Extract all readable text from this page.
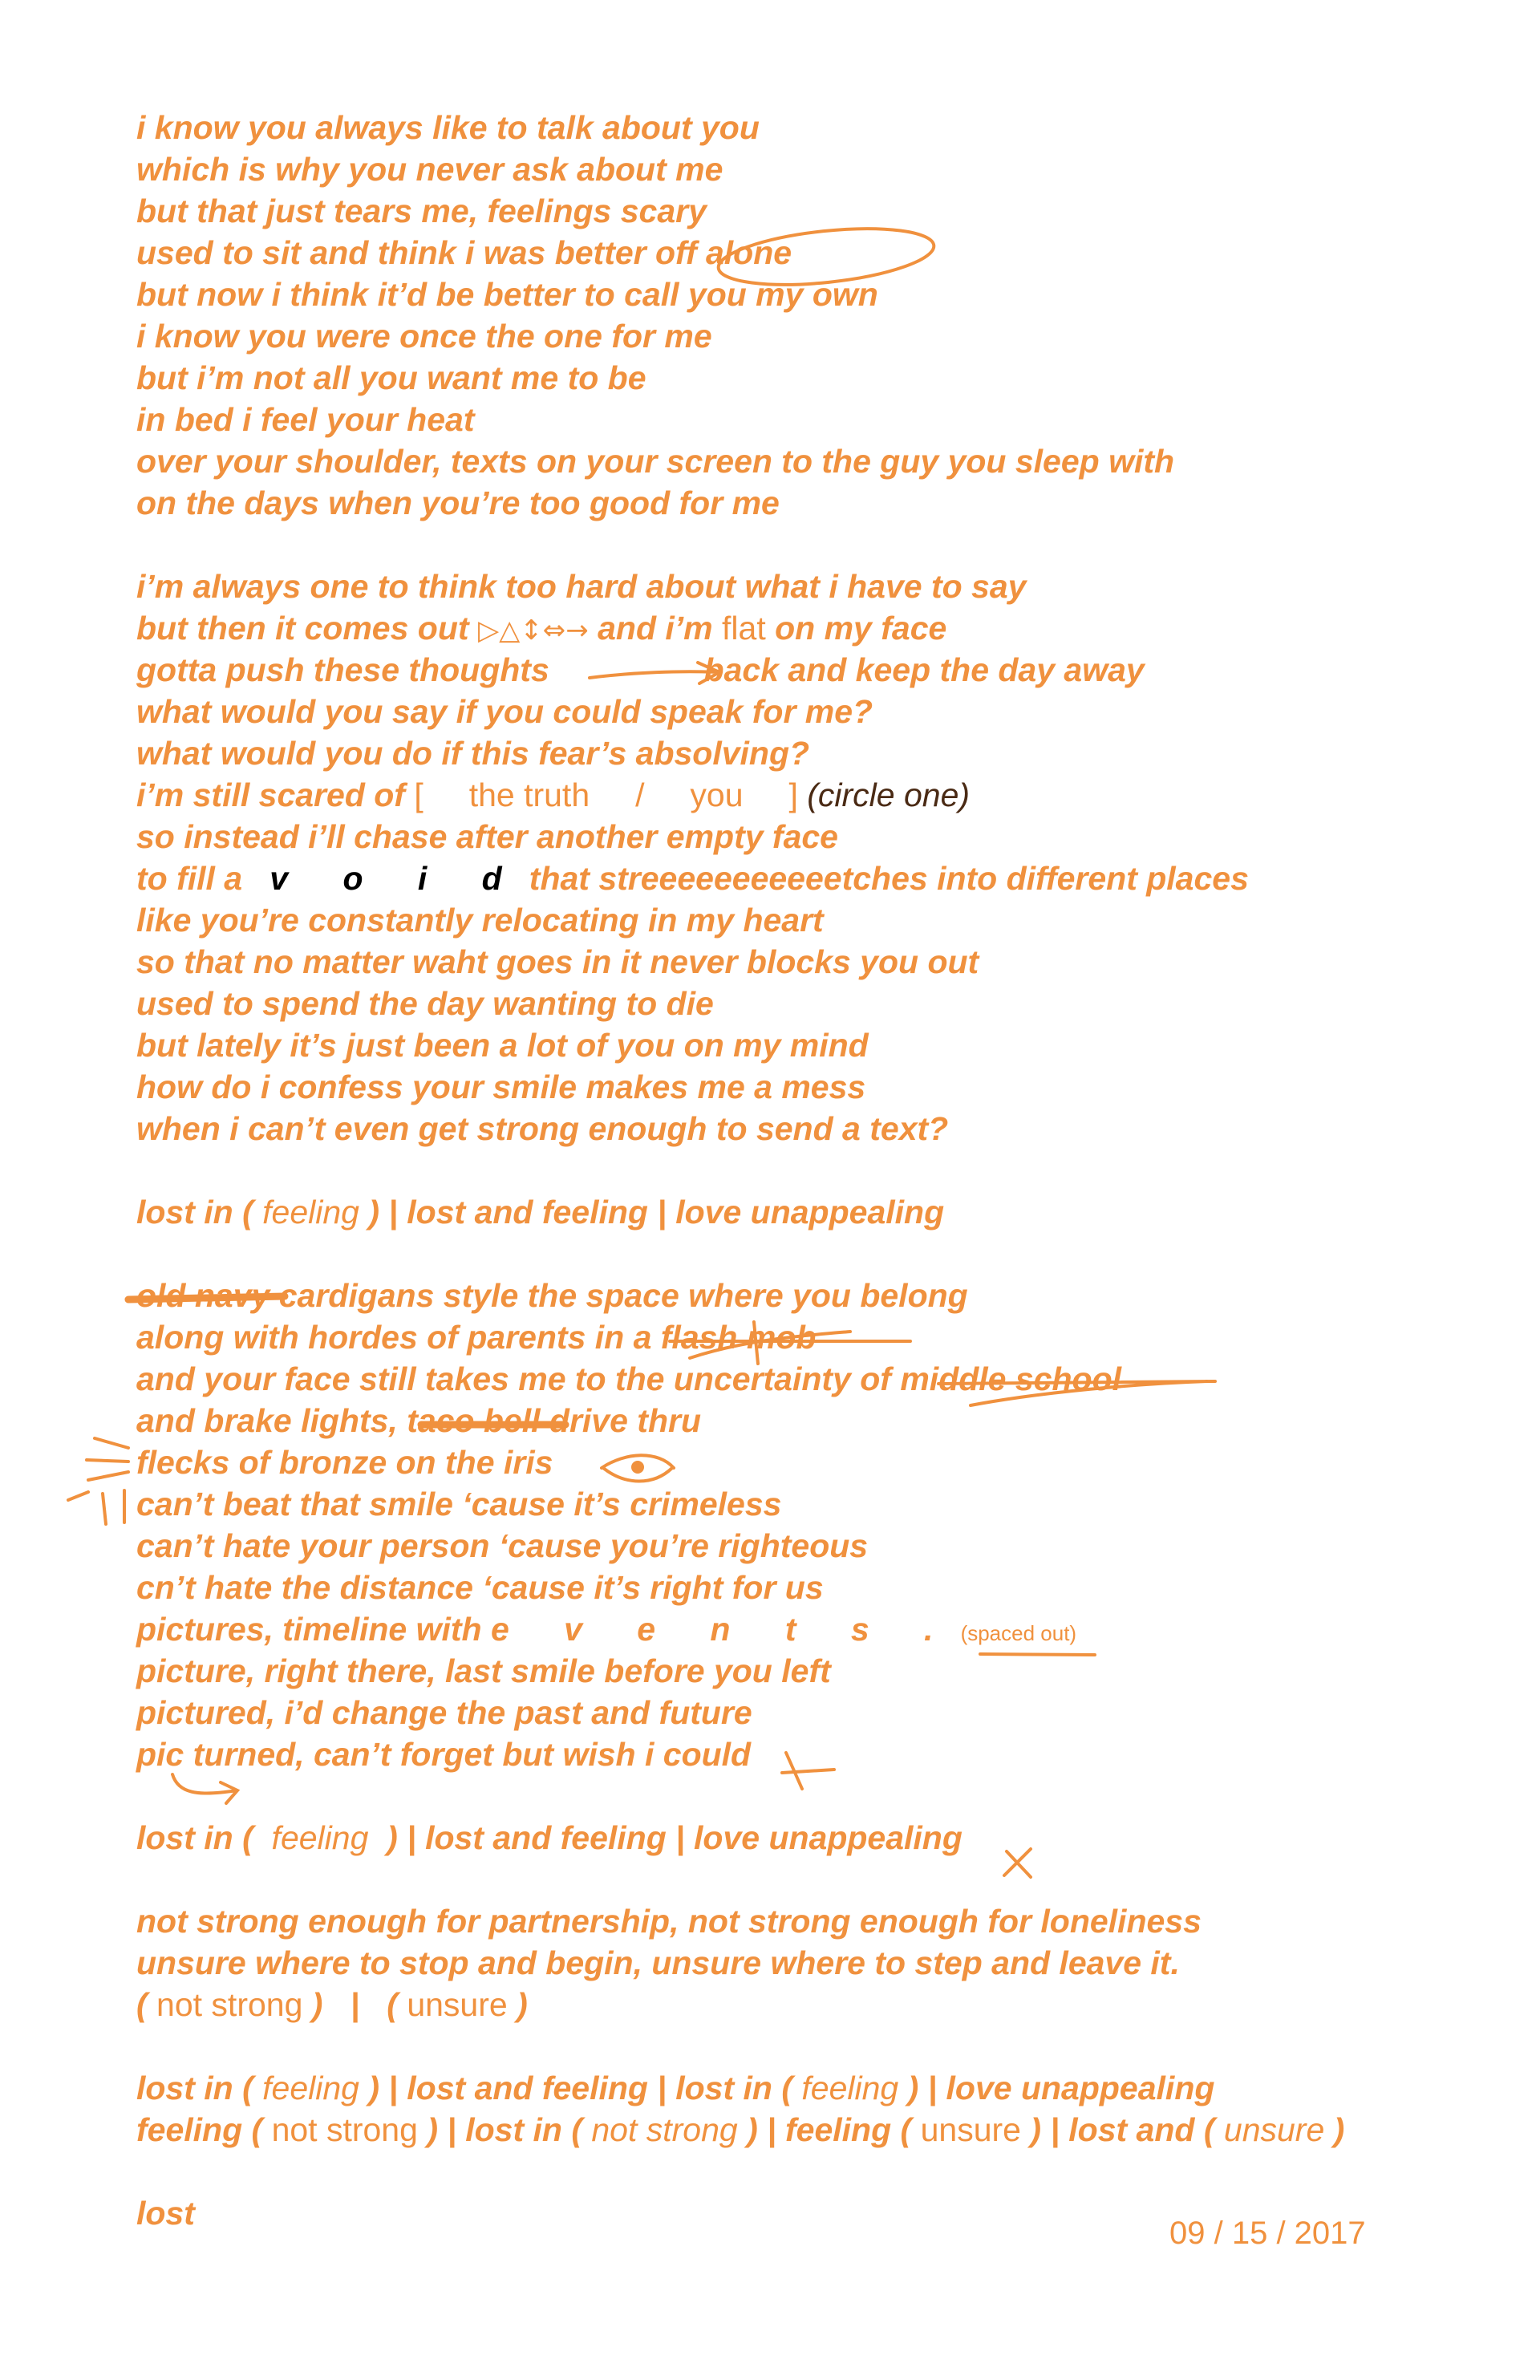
i know you always like to talk about you
which is why you never ask about me
but that just tears me, feelings scary
used to sit and think i was better off alone
but now i think it’d be better to call you my own
i know you were once the one for me
but i’m not all you want me to be
in bed i feel your heat
over your shoulder, texts on your screen to the guy you sleep with
on the days when you’re too good for me
i’m always one to think too hard about what i have to say
but then it comes out ▷△↕⇔→ and i’m flat on my face
gotta push these thoughts	back and keep the day away
what would you say if you could speak for me?
what would you do if this fear’s absolving?
i’m still scared of [     the truth     /     you     ] (circle one)
so instead i’ll chase after another empty face
to fill a   v      o      i      d   that streeeeeeeeeeetches into different places
like you’re constantly relocating in my heart
so that no matter waht goes in it never blocks you out
used to spend the day wanting to die
but lately it’s just been a lot of you on my mind
how do i confess your smile makes me a mess
when i can’t even get strong enough to send a text?
lost in ( feeling ) | lost and feeling | love unappealing
old navy cardigans style the space where you belong
along with hordes of parents in a flash mob
and your face still takes me to the uncertainty of middle school
and brake lights, taco bell drive thru
flecks of bronze on the iris
can’t beat that smile ‘cause it’s crimeless
can’t hate your person ‘cause you’re righteous
cn’t hate the distance ‘cause it’s right for us
pictures, timeline with e      v      e      n      t      s      . (spaced out)
picture, right there, last smile before you left
pictured, i’d change the past and future
pic turned, can’t forget but wish i could
lost in (  feeling  ) | lost and feeling | love unappealing
not strong enough for partnership, not strong enough for loneliness
unsure where to stop and begin, unsure where to step and leave it.
( not strong )   |   ( unsure )
lost in ( feeling ) | lost and feeling | lost in ( feeling ) | love unappealing
feeling ( not strong ) | lost in ( not strong ) | feeling ( unsure ) | lost and ( unsure )
lost
09 / 15 / 2017
